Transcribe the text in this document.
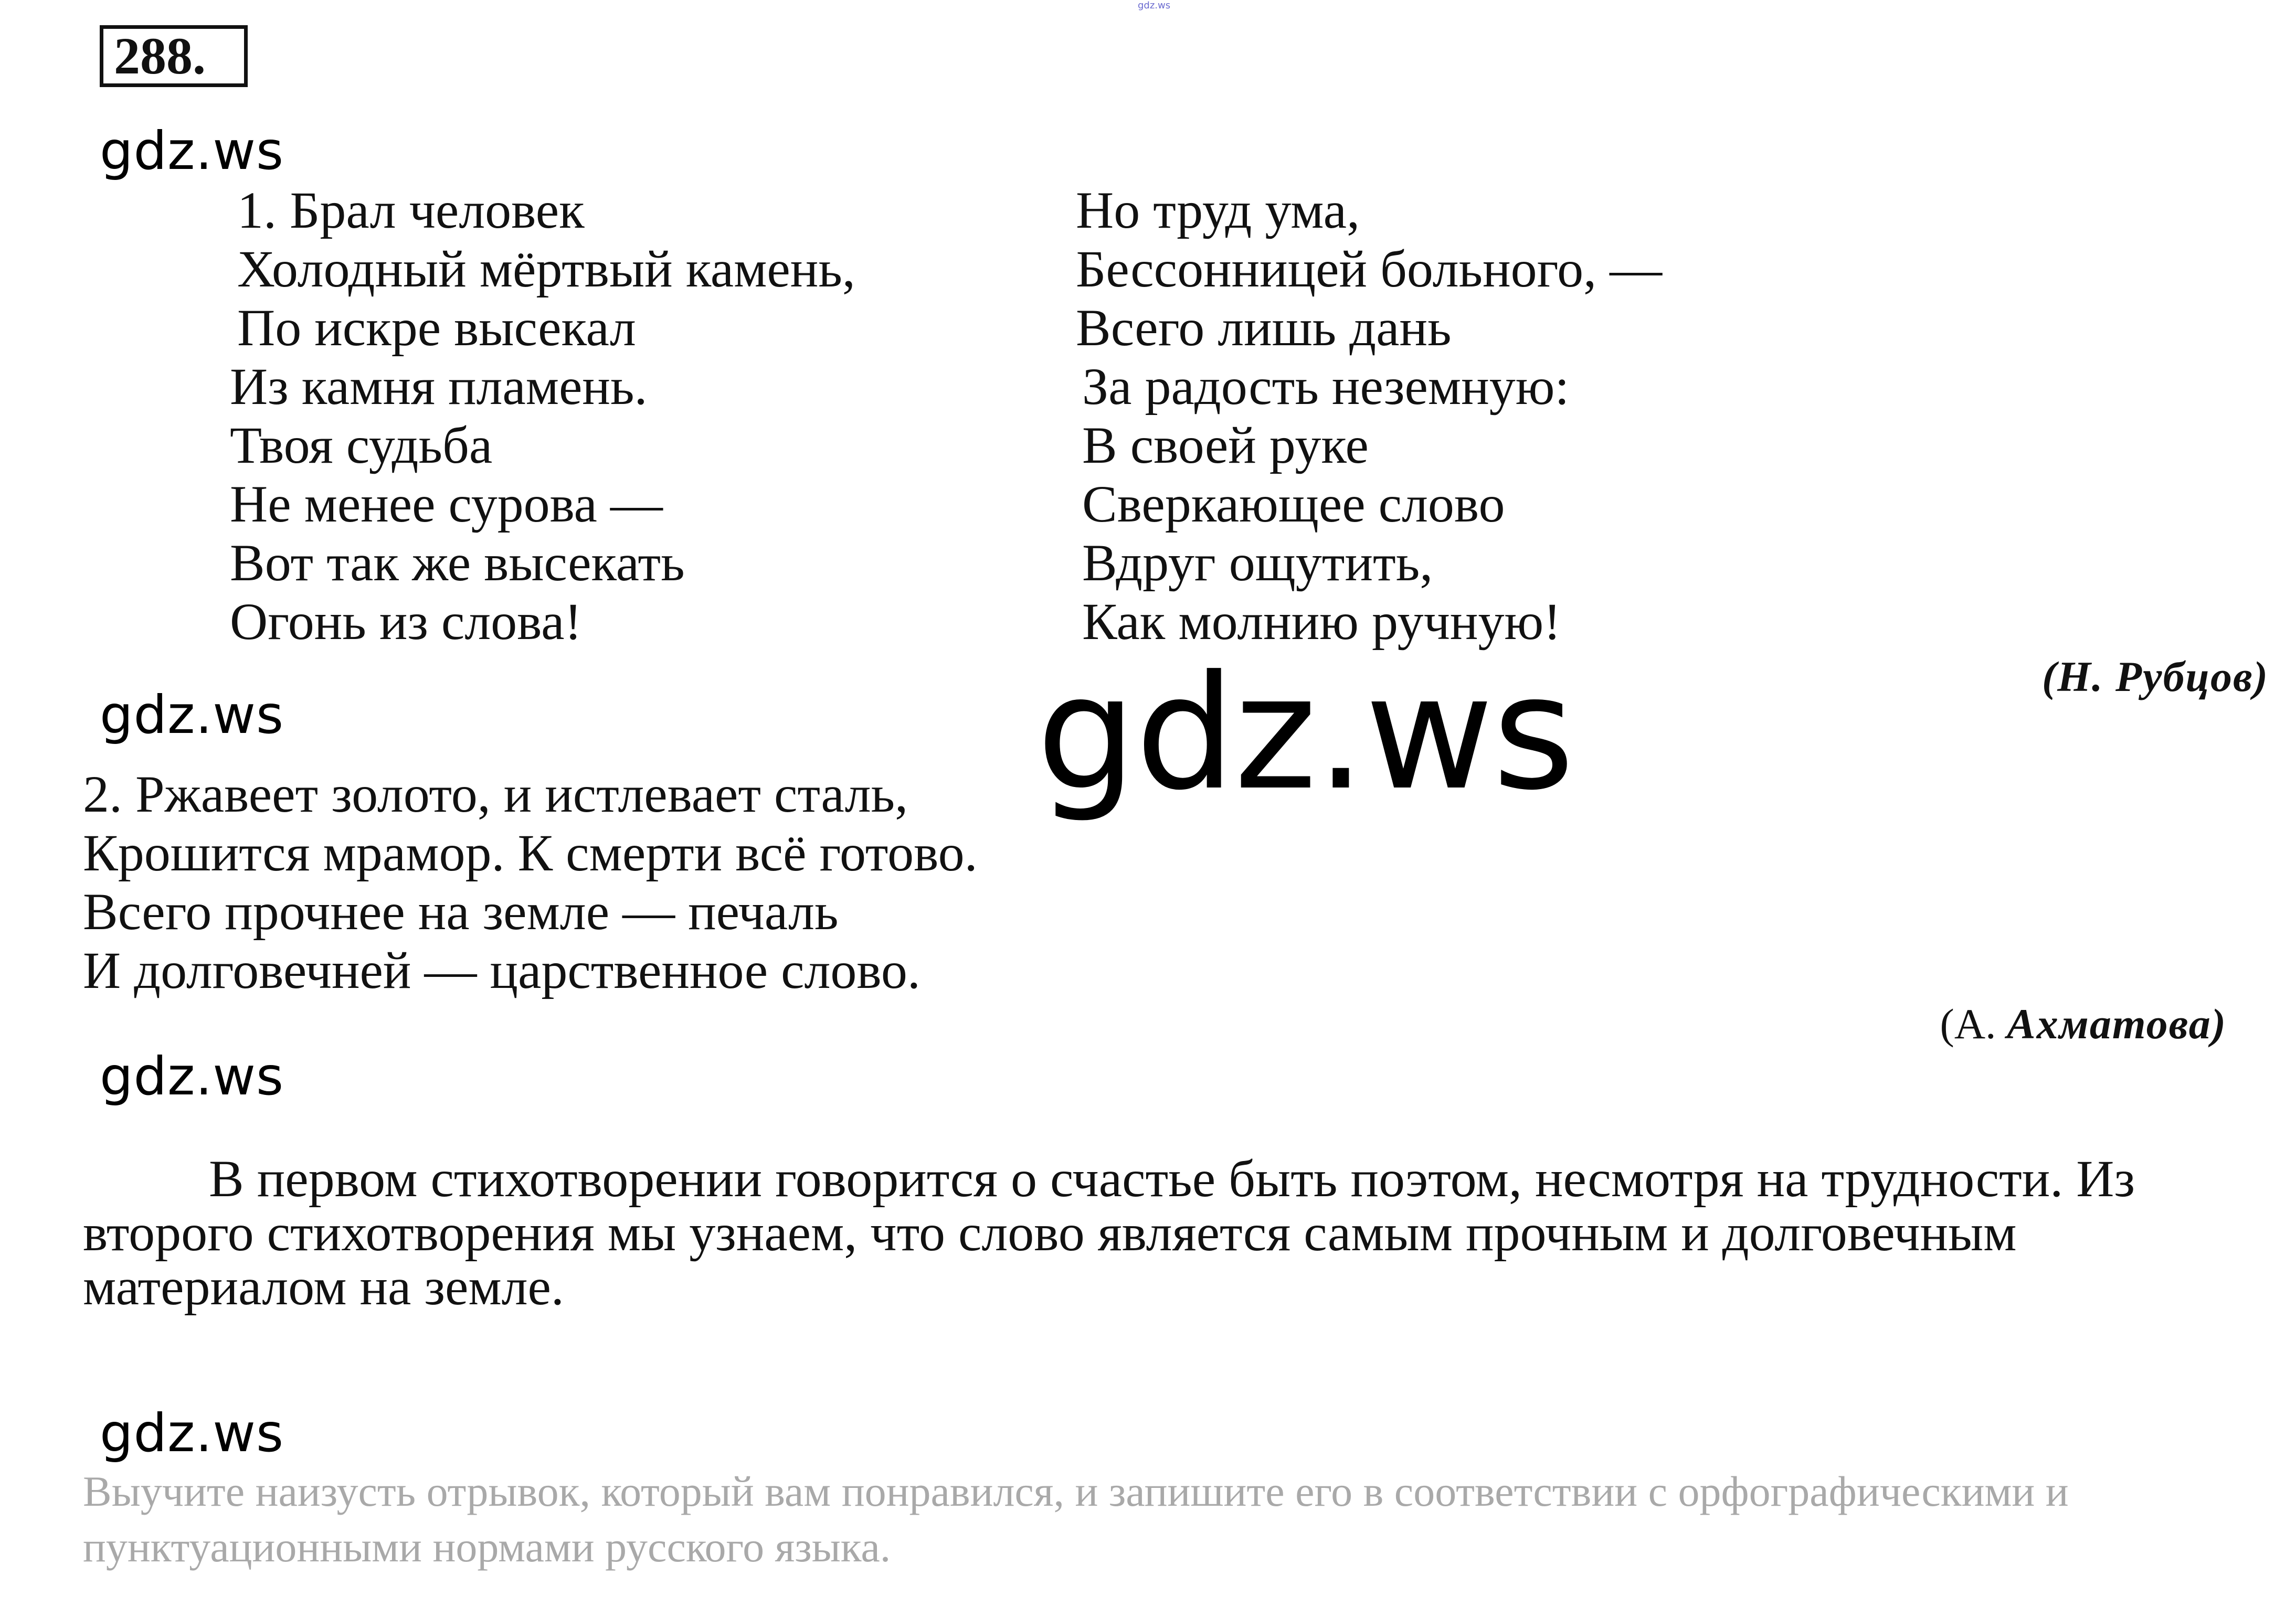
gdz.ws
288.
gdz.ws
1. Брал человек
Холодный мёртвый камень,
По искре высекал
Из камня пламень.
Твоя судьба
Не менее сурова —
Вот так же высекать
Огонь из слова!
Но труд ума,
Бессонницей больного, —
Всего лишь дань
За радость неземную:
В своей руке
Сверкающее слово
Вдруг ощутить,
Как молнию ручную!
(Н. Рубцов)
gdz.ws	gdz.ws
2. Ржавеет золото, и истлевает сталь,
Крошится мрамор. К смерти всё готово.
Всего прочнее на земле — печаль
И долговечней — царственное слово.
(А. Ахматова)
gdz.ws
В первом стихотворении говорится о счастье быть поэтом, несмотря на трудности. Из второго стихотворения мы узнаем, что слово является самым прочным и долговечным материалом на земле.
gdz.ws
Выучите наизусть отрывок, который вам понравился, и запишите его в соответствии с орфографическими и пунктуационными нормами русского языка.
